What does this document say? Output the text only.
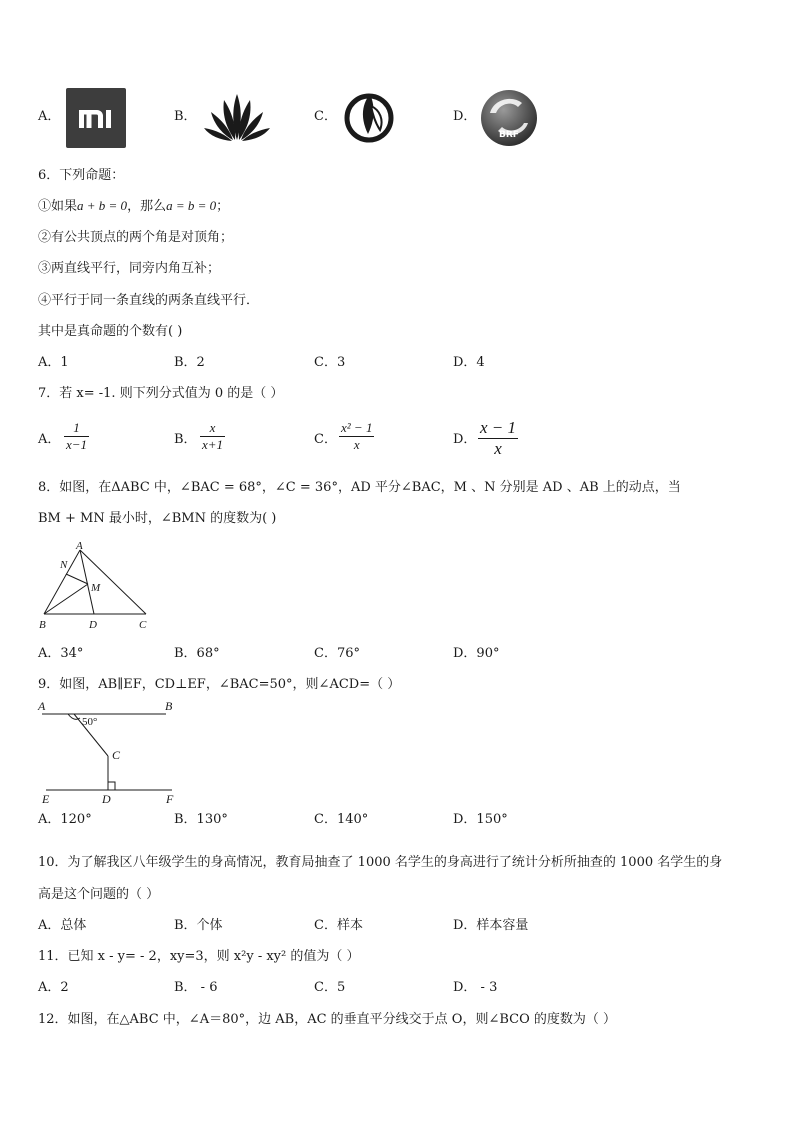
A．	B．	C．	D．
BRF
6．下列命题：
①如果a + b = 0，那么a = b = 0；
②有公共顶点的两个角是对顶角；
③两直线平行，同旁内角互补；
④平行于同一条直线的两条直线平行．
其中是真命题的个数有( )
A．1	B．2	C．3	D．4
7．若 x= -1. 则下列分式值为 0 的是（ ）
A． $\frac{1}{x-1}$	B． $\frac{x}{x+1}$	C． $\frac{\text{x² − 1}}{x}$	D． $\frac{x - 1}{x}$
8．如图，在ΔABC 中，∠BAC = 68°，∠C = 36°，AD 平分∠BAC，M 、N 分别是 AD 、AB 上的动点，当
BM + MN 最小时，∠BMN 的度数为( )
A
N
M
B	D	C
A．34°	B．68°	C．76°	D．90°
9．如图，AB∥EF，CD⊥EF，∠BAC=50°，则∠ACD=（ ）
A	B
50°
C
E	D	F
A．120°	B．130°	C．140°	D．150°
10．为了解我区八年级学生的身高情况，教育局抽查了 1000 名学生的身高进行了统计分析所抽查的 1000 名学生的身
高是这个问题的（ ）
A．总体	B．个体	C．样本	D．样本容量
11．已知 x - y= - 2，xy=3，则 x²y - xy² 的值为（ ）
A．2	B． - 6	C．5	D． - 3
12．如图，在△ABC 中，∠A＝80°，边 AB，AC 的垂直平分线交于点 O，则∠BCO 的度数为（ ）
